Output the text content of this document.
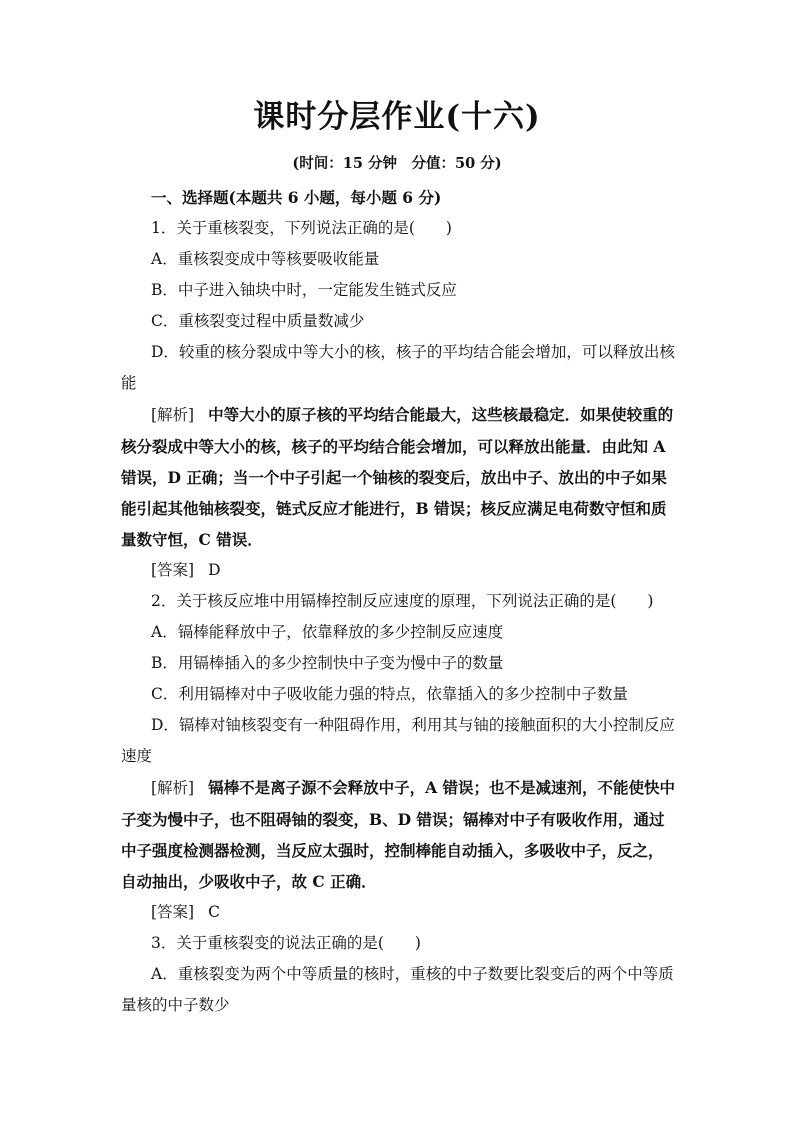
课时分层作业(十六)
(时间：15 分钟　分值：50 分)

一、选择题(本题共 6 小题，每小题 6 分)

1．关于重核裂变，下列说法正确的是(　　)

A．重核裂变成中等核要吸收能量

B．中子进入铀块中时，一定能发生链式反应

C．重核裂变过程中质量数减少

D．较重的核分裂成中等大小的核，核子的平均结合能会增加，可以释放出核能

[解析] 中等大小的原子核的平均结合能最大，这些核最稳定．如果使较重的核分裂成中等大小的核，核子的平均结合能会增加，可以释放出能量．由此知 A 错误，D 正确；当一个中子引起一个铀核的裂变后，放出中子、放出的中子如果能引起其他铀核裂变，链式反应才能进行，B 错误；核反应满足电荷数守恒和质量数守恒，C 错误．

[答案] D

2．关于核反应堆中用镉棒控制反应速度的原理，下列说法正确的是(　　)

A．镉棒能释放中子，依靠释放的多少控制反应速度

B．用镉棒插入的多少控制快中子变为慢中子的数量

C．利用镉棒对中子吸收能力强的特点，依靠插入的多少控制中子数量

D．镉棒对铀核裂变有一种阻碍作用，利用其与铀的接触面积的大小控制反应速度

[解析] 镉棒不是离子源不会释放中子，A 错误；也不是减速剂，不能使快中子变为慢中子，也不阻碍铀的裂变，B、D 错误；镉棒对中子有吸收作用，通过中子强度检测器检测，当反应太强时，控制棒能自动插入，多吸收中子，反之，自动抽出，少吸收中子，故 C 正确．

[答案] C

3．关于重核裂变的说法正确的是(　　)

A．重核裂变为两个中等质量的核时，重核的中子数要比裂变后的两个中等质量核的中子数少
